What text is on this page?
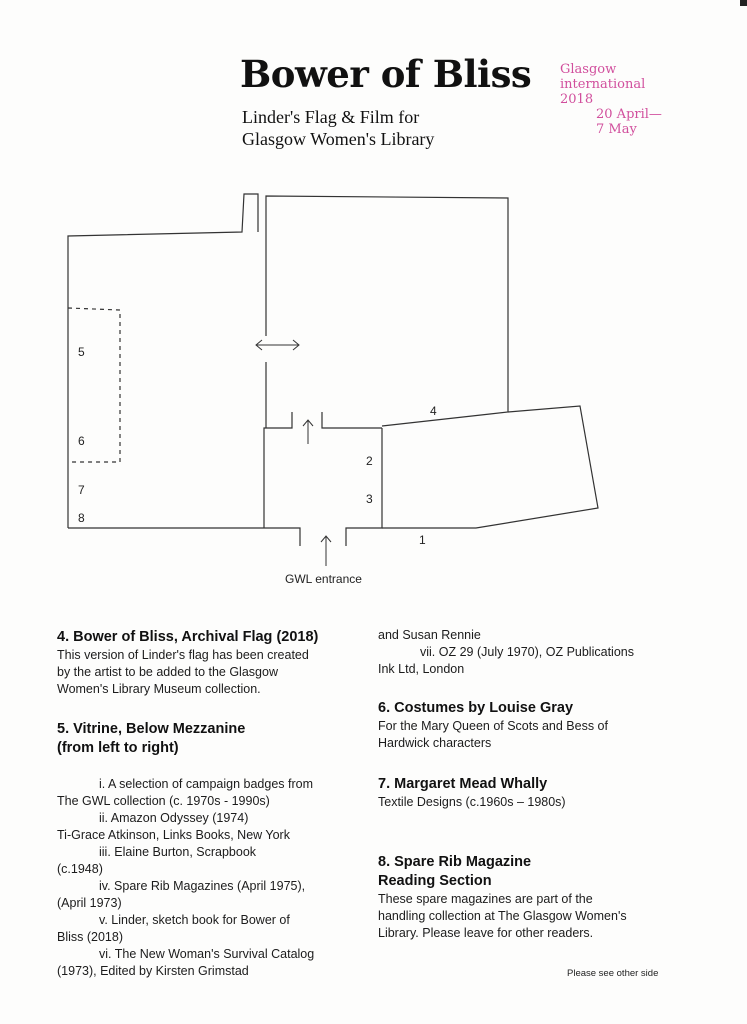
Bower of Bliss
Linder's Flag & Film for
Glasgow Women's Library
Glasgow
international
2018
20 April—
7 May
5
6
7
8
2
3
4
1
GWL entrance
4. Bower of Bliss, Archival Flag (2018)

This version of Linder's flag has been created

by the artist to be added to the Glasgow

Women's Library Museum collection.

5. Vitrine, Below Mezzanine
(from left to right)

i. A selection of campaign badges from

The GWL collection (c. 1970s - 1990s)

ii. Amazon Odyssey (1974)

Ti-Grace Atkinson, Links Books, New York

iii. Elaine Burton, Scrapbook

(c.1948)

iv. Spare Rib Magazines (April 1975),

(April 1973)

v. Linder, sketch book for Bower of

Bliss (2018)

vi. The New Woman's Survival Catalog

(1973), Edited by Kirsten Grimstad

and Susan Rennie

vii. OZ 29 (July 1970), OZ Publications

Ink Ltd, London

6. Costumes by Louise Gray

For the Mary Queen of Scots and Bess of

Hardwick characters

7. Margaret Mead Whally

Textile Designs (c.1960s – 1980s)

8. Spare Rib Magazine
Reading Section

These spare magazines are part of the

handling collection at The Glasgow Women's

Library. Please leave for other readers.

Please see other side
